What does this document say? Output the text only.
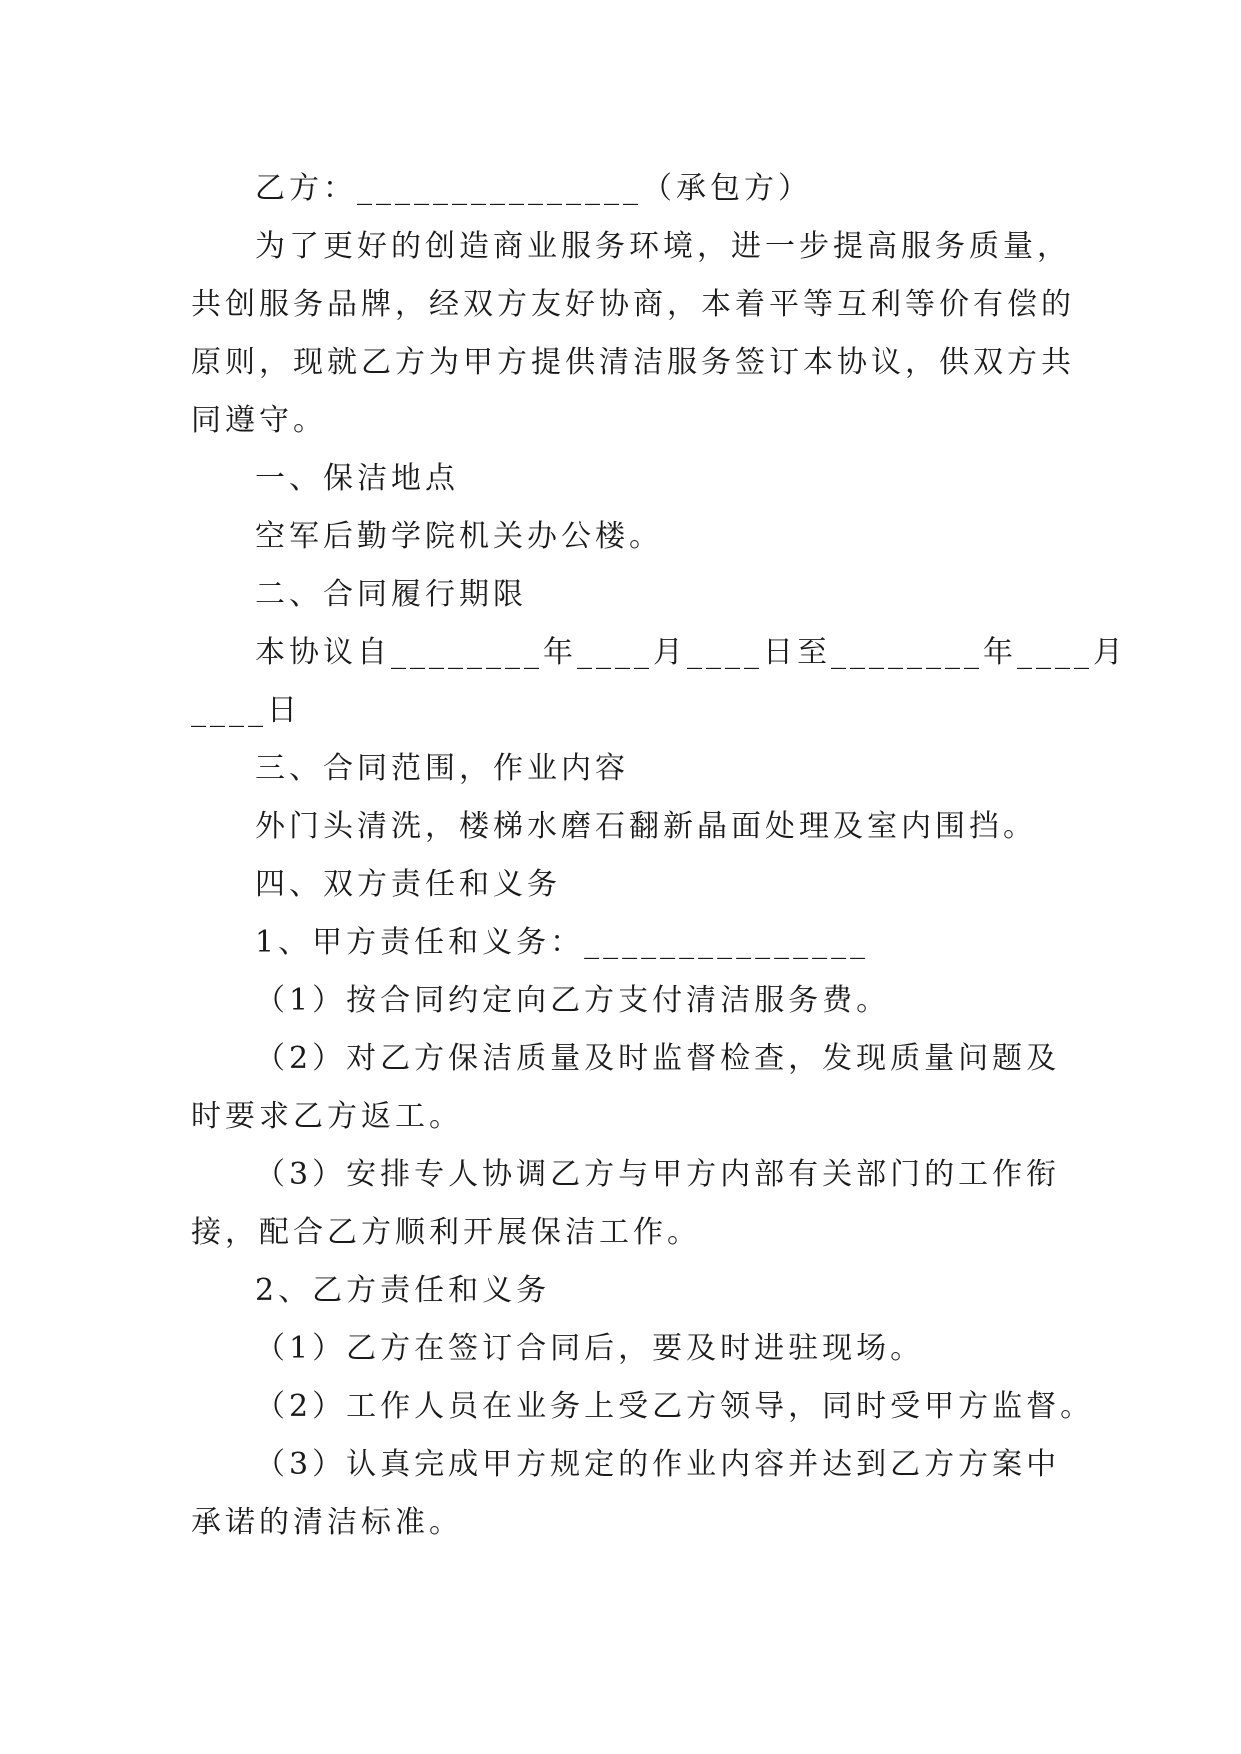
乙方：_______________（承包方）
为了更好的创造商业服务环境，进一步提高服务质量，
共创服务品牌，经双方友好协商，本着平等互利等价有偿的
原则，现就乙方为甲方提供清洁服务签订本协议，供双方共
同遵守。
一、保洁地点
空军后勤学院机关办公楼。
二、合同履行期限
本协议自________年____月____日至________年____月
____日
三、合同范围，作业内容
外门头清洗，楼梯水磨石翻新晶面处理及室内围挡。
四、双方责任和义务
1、甲方责任和义务：_______________
（1）按合同约定向乙方支付清洁服务费。
（2）对乙方保洁质量及时监督检查，发现质量问题及
时要求乙方返工。
（3）安排专人协调乙方与甲方内部有关部门的工作衔
接，配合乙方顺利开展保洁工作。
2、乙方责任和义务
（1）乙方在签订合同后，要及时进驻现场。
（2）工作人员在业务上受乙方领导，同时受甲方监督。
（3）认真完成甲方规定的作业内容并达到乙方方案中
承诺的清洁标准。
